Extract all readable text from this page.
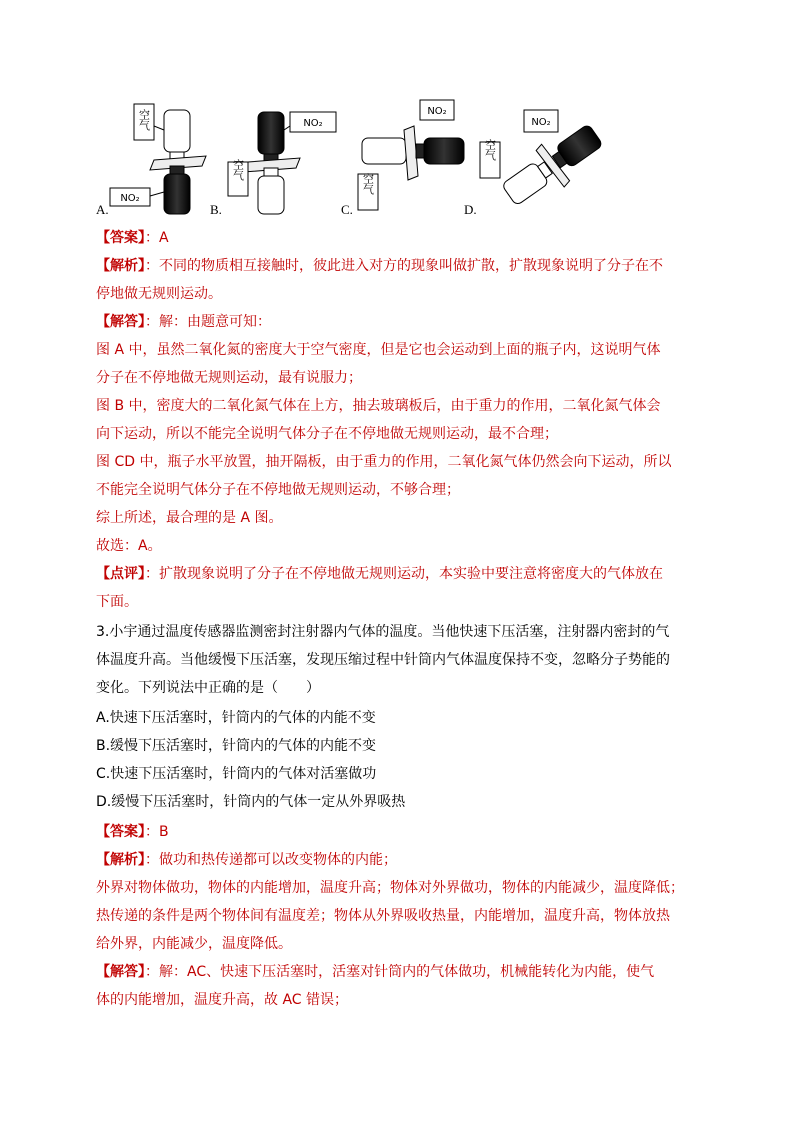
空气
NO₂
NO₂
空气
NO₂
空气
NO₂
空气
A.	B.	C.	D.
【答案】：A
【解析】：不同的物质相互接触时，彼此进入对方的现象叫做扩散，扩散现象说明了分子在不
停地做无规则运动。
【解答】：解：由题意可知：
图 A 中，虽然二氧化氮的密度大于空气密度，但是它也会运动到上面的瓶子内，这说明气体
分子在不停地做无规则运动，最有说服力；
图 B 中，密度大的二氧化氮气体在上方，抽去玻璃板后，由于重力的作用，二氧化氮气体会
向下运动，所以不能完全说明气体分子在不停地做无规则运动，最不合理；
图 CD 中，瓶子水平放置，抽开隔板，由于重力的作用，二氧化氮气体仍然会向下运动，所以
不能完全说明气体分子在不停地做无规则运动，不够合理；
综上所述，最合理的是 A 图。
故选：A。
【点评】：扩散现象说明了分子在不停地做无规则运动，本实验中要注意将密度大的气体放在
下面。
3.小宇通过温度传感器监测密封注射器内气体的温度。当他快速下压活塞，注射器内密封的气
体温度升高。当他缓慢下压活塞，发现压缩过程中针筒内气体温度保持不变，忽略分子势能的
变化。下列说法中正确的是（　　）
A.快速下压活塞时，针筒内的气体的内能不变
B.缓慢下压活塞时，针筒内的气体的内能不变
C.快速下压活塞时，针筒内的气体对活塞做功
D.缓慢下压活塞时，针筒内的气体一定从外界吸热
【答案】：B
【解析】：做功和热传递都可以改变物体的内能；
外界对物体做功，物体的内能增加，温度升高；物体对外界做功，物体的内能减少，温度降低；
热传递的条件是两个物体间有温度差；物体从外界吸收热量，内能增加，温度升高，物体放热
给外界，内能减少，温度降低。
【解答】：解：AC、快速下压活塞时，活塞对针筒内的气体做功，机械能转化为内能，使气
体的内能增加，温度升高，故 AC 错误；
